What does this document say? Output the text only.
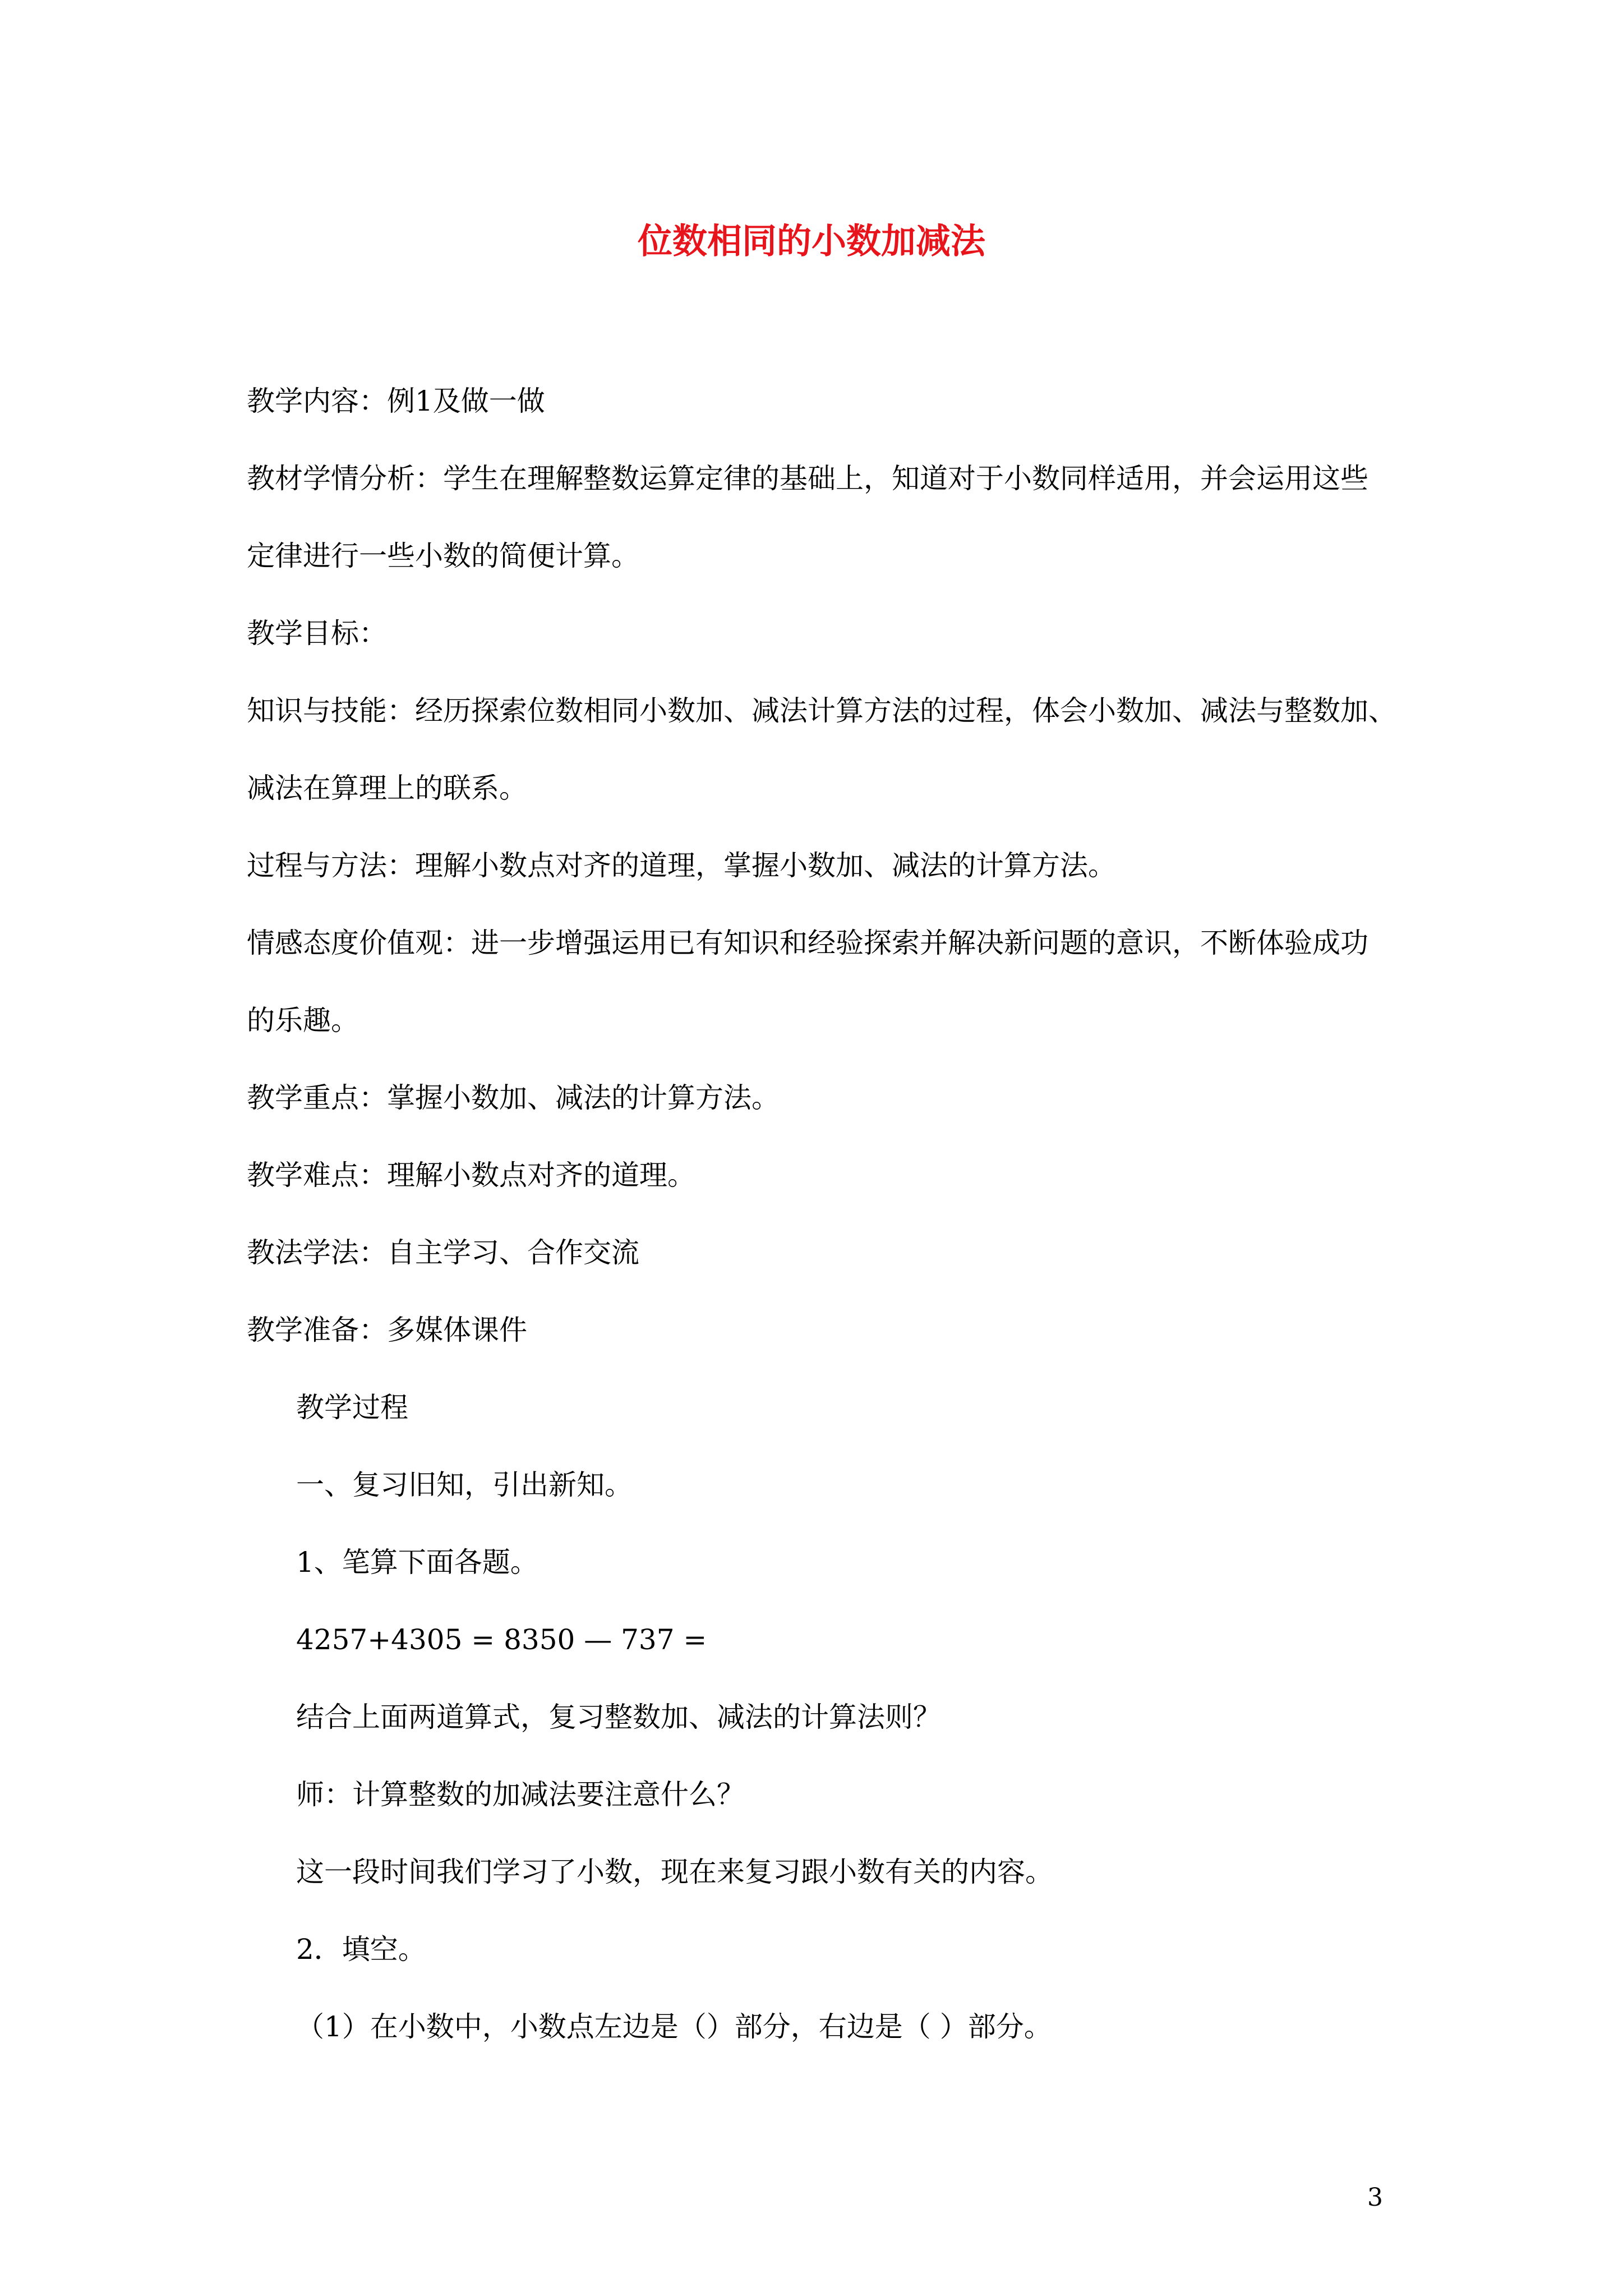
位数相同的小数加减法
教学内容：例1及做一做
教材学情分析：学生在理解整数运算定律的基础上，知道对于小数同样适用，并会运用这些
定律进行一些小数的简便计算。
教学目标：
知识与技能：经历探索位数相同小数加、减法计算方法的过程，体会小数加、减法与整数加、
减法在算理上的联系。
过程与方法：理解小数点对齐的道理，掌握小数加、减法的计算方法。
情感态度价值观：进一步增强运用已有知识和经验探索并解决新问题的意识，不断体验成功
的乐趣。
教学重点：掌握小数加、减法的计算方法。
教学难点：理解小数点对齐的道理。
教法学法：自主学习、合作交流
教学准备：多媒体课件
教学过程
一、复习旧知，引出新知。
1、笔算下面各题。
4257+4305 = 8350 — 737 =
结合上面两道算式，复习整数加、减法的计算法则？
师：计算整数的加减法要注意什么？
这一段时间我们学习了小数，现在来复习跟小数有关的内容。
2．填空。
（1）在小数中，小数点左边是（）部分，右边是（ ）部分。
3
